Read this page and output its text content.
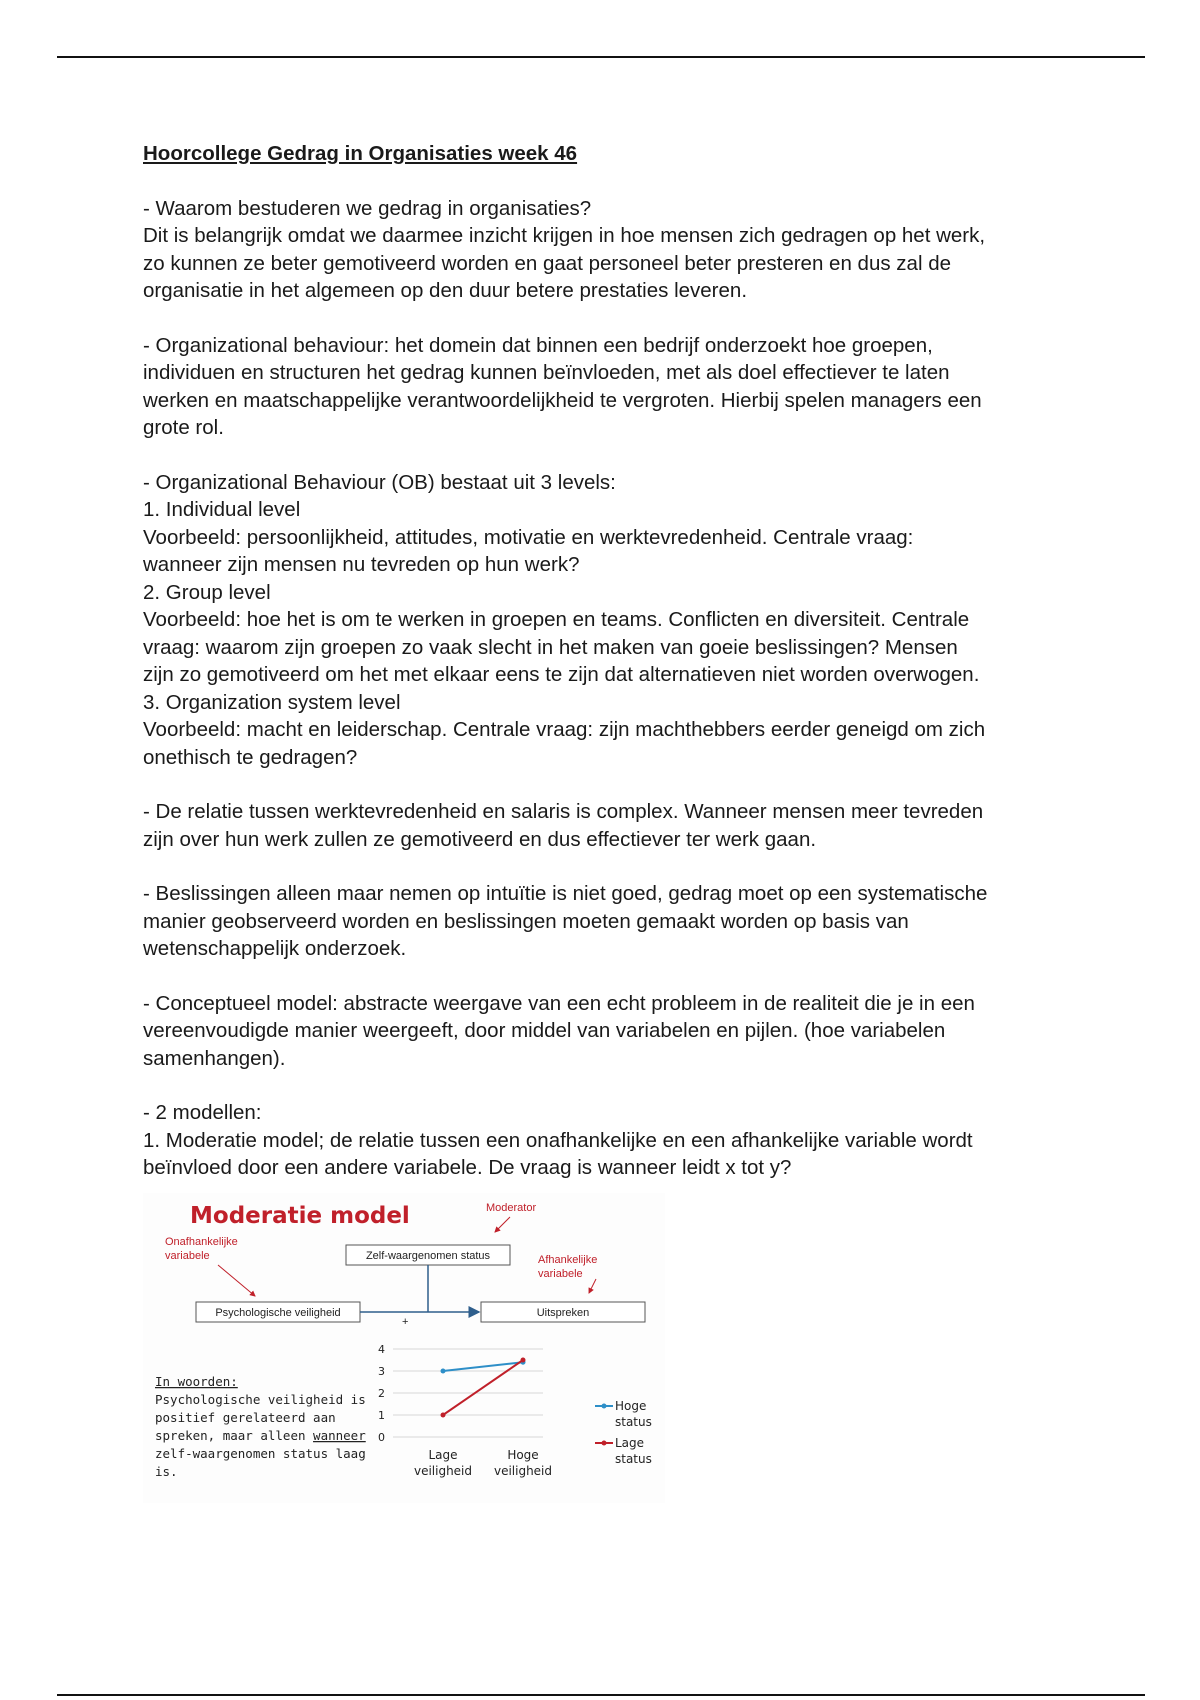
Hoorcollege Gedrag in Organisaties week 46

- Waarom bestuderen we gedrag in organisaties?
Dit is belangrijk omdat we daarmee inzicht krijgen in hoe mensen zich gedragen op het werk,
zo kunnen ze beter gemotiveerd worden en gaat personeel beter presteren en dus zal de
organisatie in het algemeen op den duur betere prestaties leveren.

- Organizational behaviour: het domein dat binnen een bedrijf onderzoekt hoe groepen,
individuen en structuren het gedrag kunnen beïnvloeden, met als doel effectiever te laten
werken en maatschappelijke verantwoordelijkheid te vergroten. Hierbij spelen managers een
grote rol.

- Organizational Behaviour (OB) bestaat uit 3 levels:
1. Individual level
Voorbeeld: persoonlijkheid, attitudes, motivatie en werktevredenheid. Centrale vraag:
wanneer zijn mensen nu tevreden op hun werk?
2. Group level
Voorbeeld: hoe het is om te werken in groepen en teams. Conflicten en diversiteit. Centrale
vraag: waarom zijn groepen zo vaak slecht in het maken van goeie beslissingen? Mensen
zijn zo gemotiveerd om het met elkaar eens te zijn dat alternatieven niet worden overwogen.
3. Organization system level
Voorbeeld: macht en leiderschap. Centrale vraag: zijn machthebbers eerder geneigd om zich
onethisch te gedragen?

- De relatie tussen werktevredenheid en salaris is complex. Wanneer mensen meer tevreden
zijn over hun werk zullen ze gemotiveerd en dus effectiever ter werk gaan.

- Beslissingen alleen maar nemen op intuïtie is niet goed, gedrag moet op een systematische
manier geobserveerd worden en beslissingen moeten gemaakt worden op basis van
wetenschappelijk onderzoek.

- Conceptueel model: abstracte weergave van een echt probleem in de realiteit die je in een
vereenvoudigde manier weergeeft, door middel van variabelen en pijlen. (hoe variabelen
samenhangen).

- 2 modellen:
1. Moderatie model; de relatie tussen een onafhankelijke en een afhankelijke variable wordt
beïnvloed door een andere variabele. De vraag is wanneer leidt x tot y?

Moderatie model	Moderator
Onafhankelijke
variabele	Afhankelijke
variabele
Zelf-waargenomen status
Psychologische veiligheid	Uitspreken
+
In woorden:
Psychologische veiligheid is
positief gerelateerd aan
spreken, maar alleen wanneer
zelf-waargenomen status laag
is.
0
1
2
3
4
Lage
veiligheid
Hoge
veiligheid
Hoge
status
Lage
status
